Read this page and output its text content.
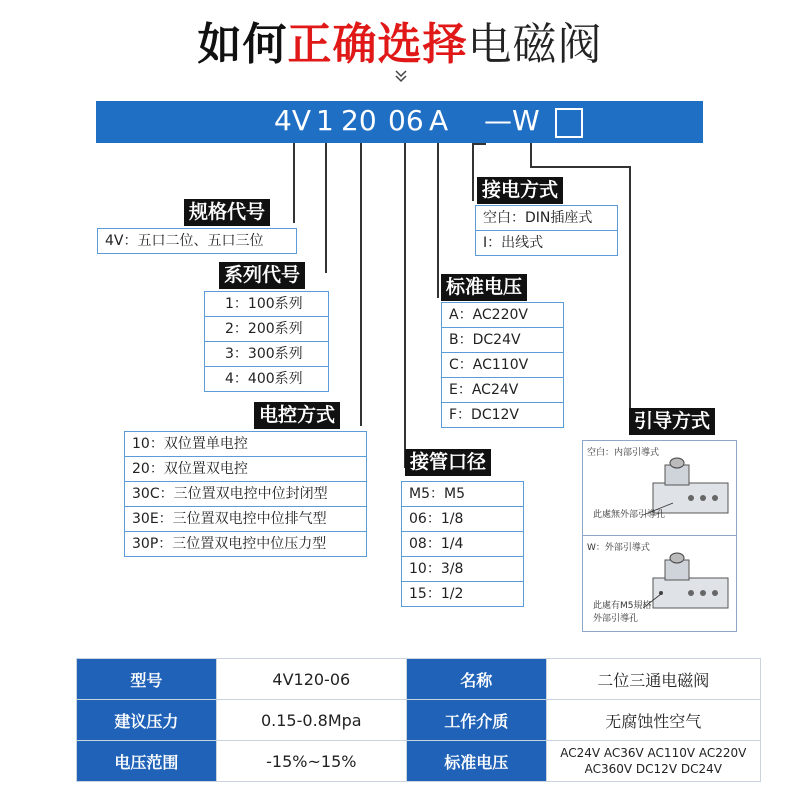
如何正确选择电磁阀
4V 1 20 06 A —W
规格代号
4V：五口二位、五口三位
系列代号
1：100系列
2：200系列
3：300系列
4：400系列
电控方式
10：双位置单电控
20：双位置双电控
30C：三位置双电控中位封闭型
30E：三位置双电控中位排气型
30P：三位置双电控中位压力型
接管口径
M5：M5
06：1/8
08：1/4
10：3/8
15：1/2
标准电压
A：AC220V
B：DC24V
C：AC110V
E：AC24V
F：DC12V
接电方式
空白：DIN插座式
I：出线式
引导方式
空白：内部引導式
此處無外部引導孔
W：外部引導式
此處有M5規格
外部引導孔
型号	4V120-06	名称	二位三通电磁阀
建议压力	0.15-0.8Mpa	工作介质	无腐蚀性空气
电压范围	-15%~15%	标准电压	AC24V AC36V AC110V AC220V
AC360V DC12V DC24V
